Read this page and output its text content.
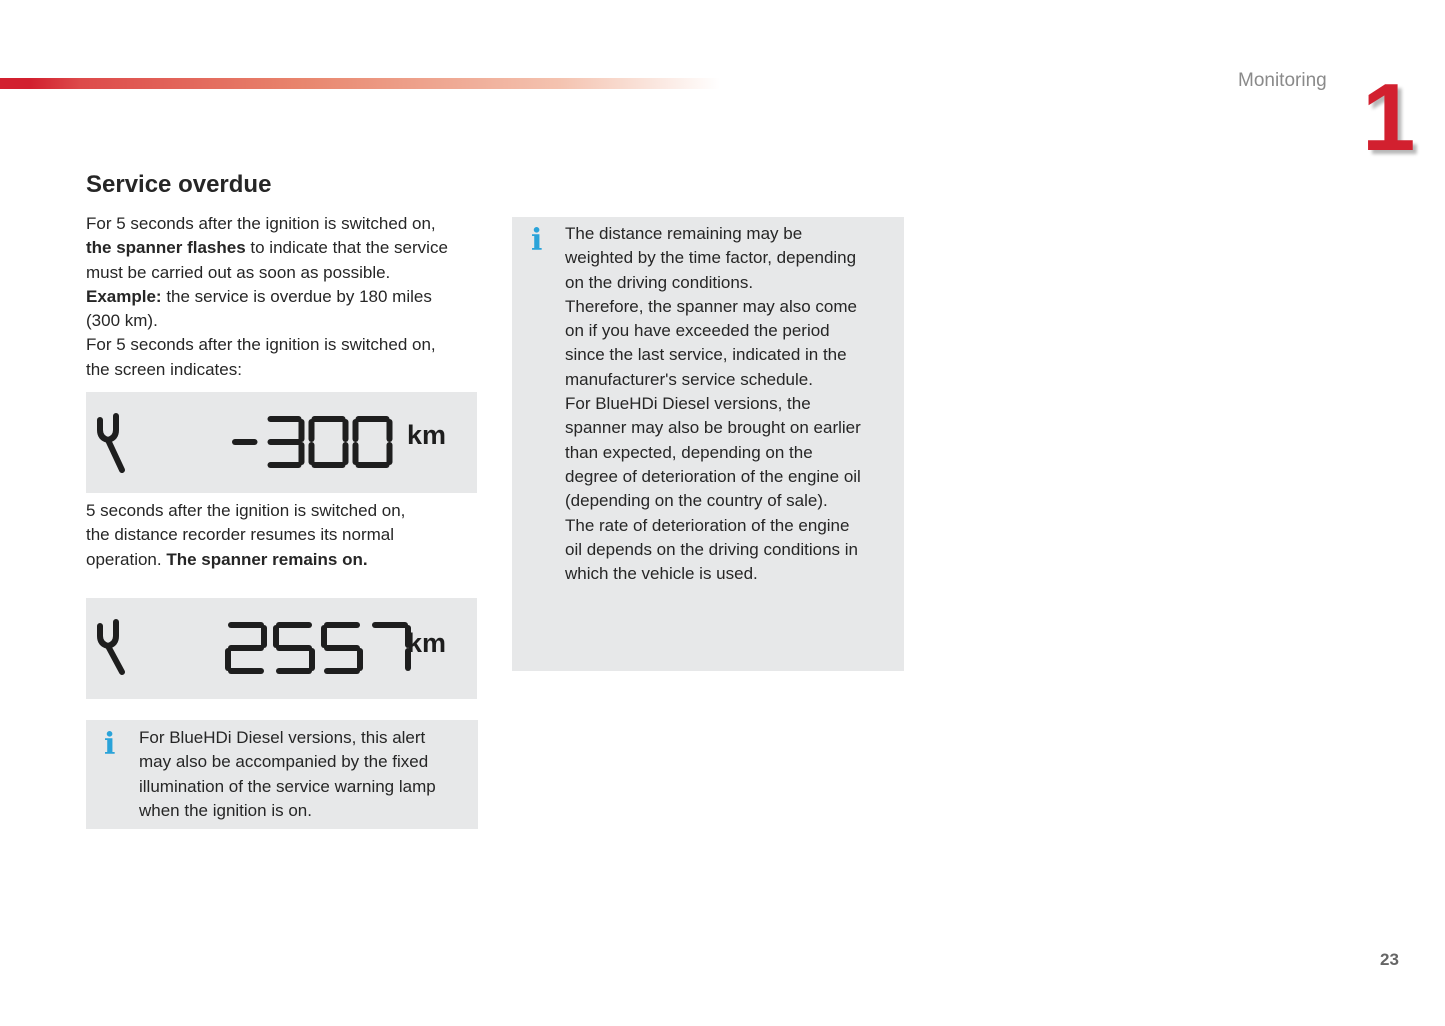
Monitoring 1
Service overdue

For 5 seconds after the ignition is switched on,
the spanner flashes to indicate that the service
must be carried out as soon as possible.
Example: the service is overdue by 180 miles
(300 km).
For 5 seconds after the ignition is switched on,
the screen indicates:

km

5 seconds after the ignition is switched on,
the distance recorder resumes its normal
operation. The spanner remains on.

km
i For BlueHDi Diesel versions, this alert
may also be accompanied by the fixed
illumination of the service warning lamp
when the ignition is on.

i The distance remaining may be
weighted by the time factor, depending
on the driving conditions.
Therefore, the spanner may also come
on if you have exceeded the period
since the last service, indicated in the
manufacturer's service schedule.
For BlueHDi Diesel versions, the
spanner may also be brought on earlier
than expected, depending on the
degree of deterioration of the engine oil
(depending on the country of sale).
The rate of deterioration of the engine
oil depends on the driving conditions in
which the vehicle is used.

23
